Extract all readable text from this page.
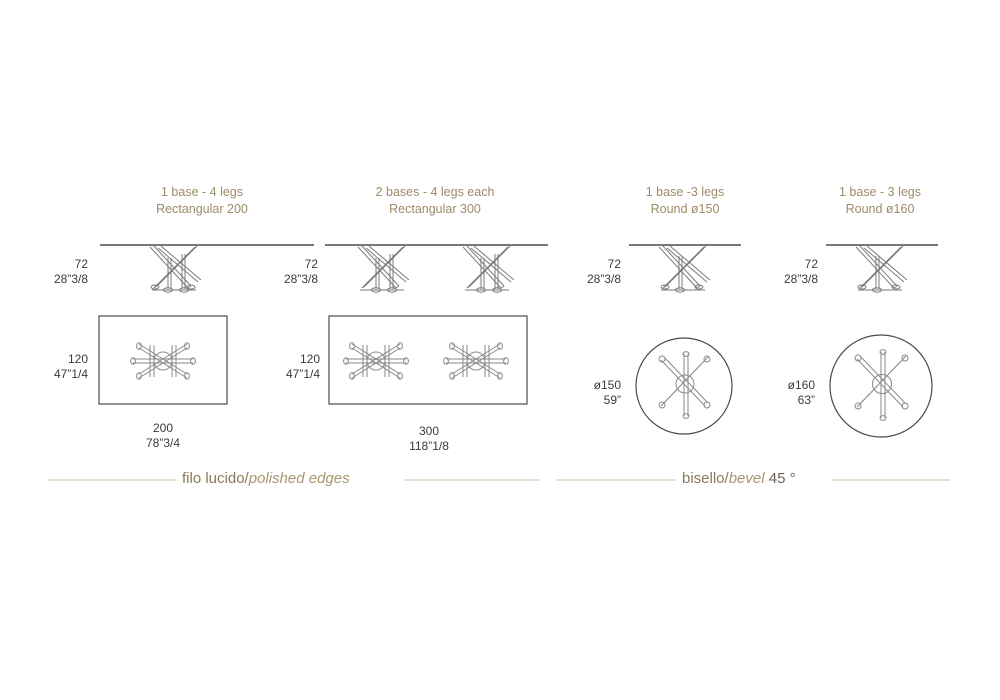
1 base - 4 legs
Rectangular 200
72
28”3/8
120
47”1/4
200
78”3/4
2 bases - 4 legs each
Rectangular 300
72
28”3/8
120
47”1/4
300
118”1/8
1 base -3 legs
Round ø150
72
28”3/8
ø150
59”
1 base - 3 legs
Round ø160
72
28”3/8
ø160
63”
filo lucido/polished edges	bisello/bevel 45 °
